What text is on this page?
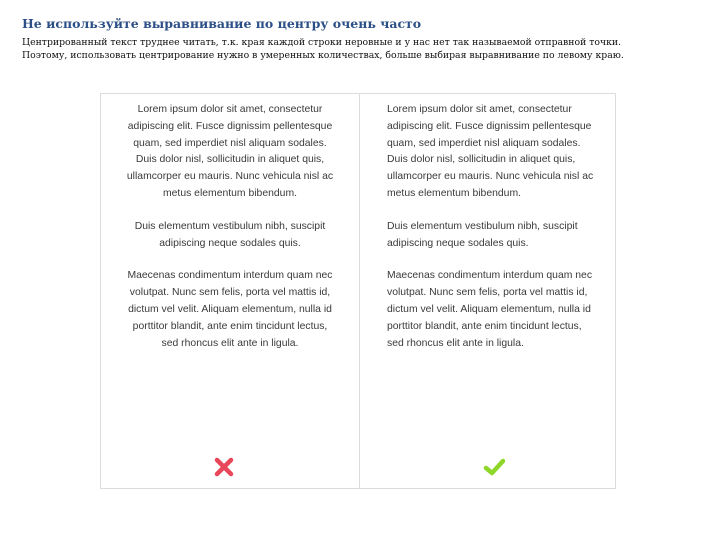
Не используйте выравнивание по центру очень часто
Центрированный текст труднее читать, т.к. края каждой строки неровные и у нас нет так называемой отправной точки.
Поэтому, использовать центрирование нужно в умеренных количествах, больше выбирая выравнивание по левому краю.

Lorem ipsum dolor sit amet, consectetur
adipiscing elit. Fusce dignissim pellentesque
quam, sed imperdiet nisl aliquam sodales.
Duis dolor nisl, sollicitudin in aliquet quis,
ullamcorper eu mauris. Nunc vehicula nisl ac
metus elementum bibendum.

Duis elementum vestibulum nibh, suscipit
adipiscing neque sodales quis.

Maecenas condimentum interdum quam nec
volutpat. Nunc sem felis, porta vel mattis id,
dictum vel velit. Aliquam elementum, nulla id
porttitor blandit, ante enim tincidunt lectus,
sed rhoncus elit ante in ligula.

Lorem ipsum dolor sit amet, consectetur
adipiscing elit. Fusce dignissim pellentesque
quam, sed imperdiet nisl aliquam sodales.
Duis dolor nisl, sollicitudin in aliquet quis,
ullamcorper eu mauris. Nunc vehicula nisl ac
metus elementum bibendum.

Duis elementum vestibulum nibh, suscipit
adipiscing neque sodales quis.

Maecenas condimentum interdum quam nec
volutpat. Nunc sem felis, porta vel mattis id,
dictum vel velit. Aliquam elementum, nulla id
porttitor blandit, ante enim tincidunt lectus,
sed rhoncus elit ante in ligula.
